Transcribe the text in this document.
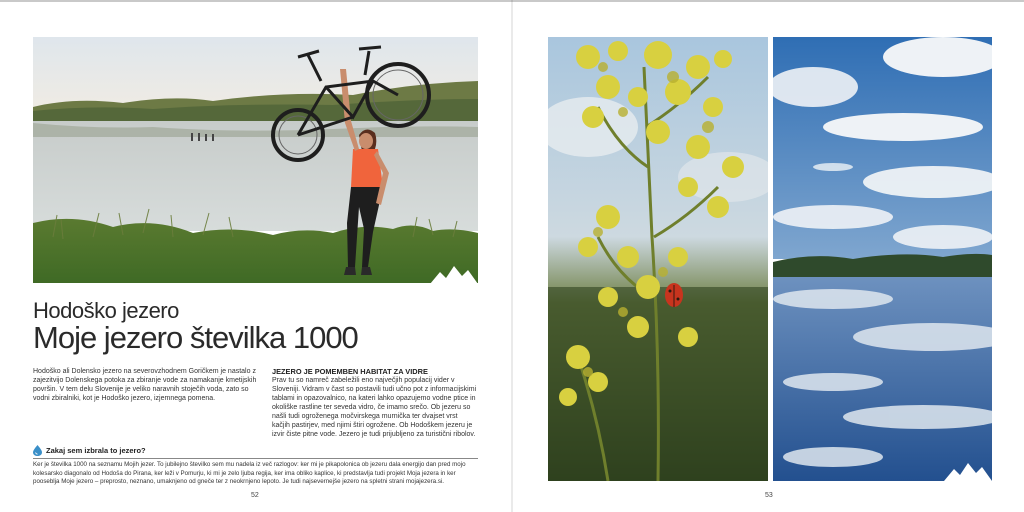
Hodoško jezero
Moje jezero številka 1000
Hodoško ali Dolensko jezero na severovzhodnem Goričkem je nastalo z zajezitvijo Dolenskega potoka za zbiranje vode za namakanje kmetijskih površin. V tem delu Slovenije je veliko naravnih stoječih voda, zato so vodni zbiralniki, kot je Hodoško jezero, izjemnega pomena.
JEZERO JE POMEMBEN HABITAT ZA VIDRE
Prav tu so namreč zabeležili eno največjih populacij vider v Sloveniji. Vidram v čast so postavili tudi učno pot z informacijskimi tablami in opazovalnico, na kateri lahko opazujemo vodne ptice in okoliške rastline ter seveda vidro, če imamo srečo. Ob jezeru so našli tudi ogroženega močvirskega murnička ter dvajset vrst kačjih pastirjev, med njimi štiri ogrožene. Ob Hodoškem jezeru je izvir čiste pitne vode. Jezero je tudi prijubljeno za turistični ribolov.
Zakaj sem izbrala to jezero?
Ker je številka 1000 na seznamu Mojih jezer. To jubilejno številko sem mu nadela iz več razlogov: ker mi je pikapolonica ob jezeru dala energijo dan pred mojo kolesarsko diagonalo od Hodoša do Pirana, ker leži v Pomurju, ki mi je zelo ljuba regija, ker ima obliko kaplice, ki predstavlja tudi projekt Moja jezera in ker pooseblja Moje jezero – preprosto, neznano, umaknjeno od gneče ter z neokrnjeno lepoto. Je tudi najsevernejše jezero na spletni strani mojajezera.si.
52	53
